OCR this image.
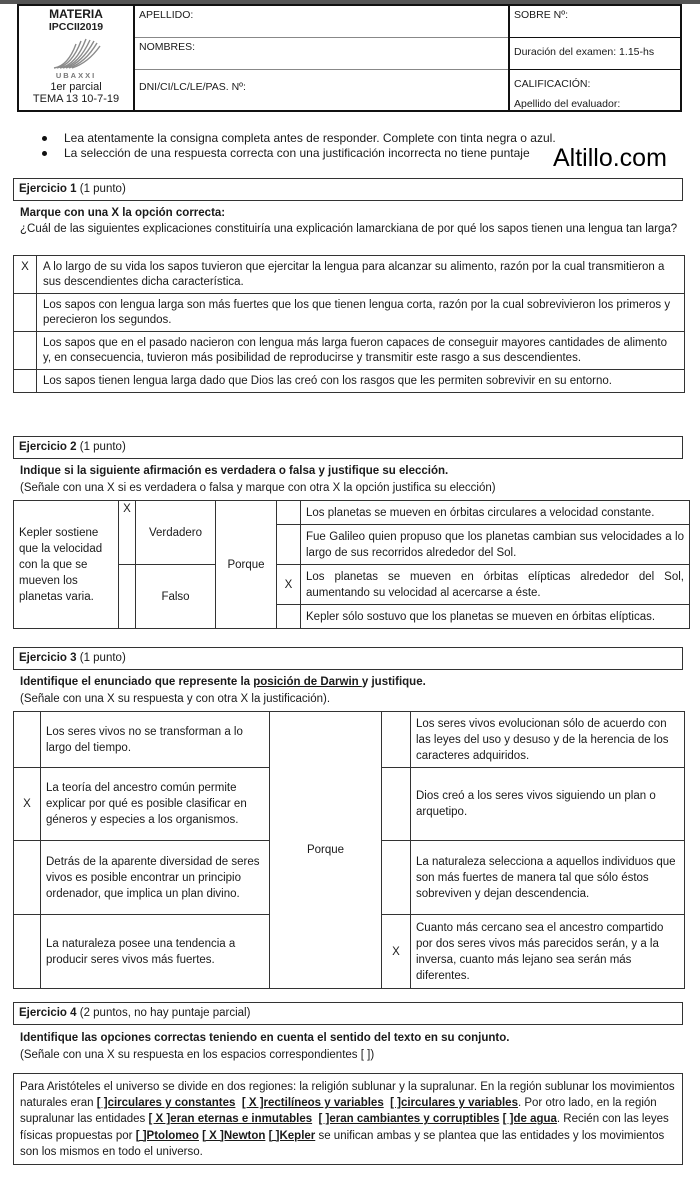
MATERIA
IPCCII2019
UBAXXI
1er parcial
TEMA 13 10-7-19
APELLIDO:
NOMBRES:
DNI/CI/LC/LE/PAS. Nº:
SOBRE Nº:
Duración del examen: 1.15-hs
CALIFICACIÓN:
Apellido del evaluador:
Lea atentamente la consigna completa antes de responder. Complete con tinta negra o azul.
La selección de una respuesta correcta con una justificación incorrecta no tiene puntaje Altillo.com
Ejercicio 1 (1 punto)
Marque con una X la opción correcta:
¿Cuál de las siguientes explicaciones constituiría una explicación lamarckiana de por qué los sapos tienen una lengua tan larga?
X	A lo largo de su vida los sapos tuvieron que ejercitar la lengua para alcanzar su alimento, razón por la cual transmitieron a sus descendientes dicha característica.
	Los sapos con lengua larga son más fuertes que los que tienen lengua corta, razón por la cual sobrevivieron los primeros y perecieron los segundos.
	Los sapos que en el pasado nacieron con lengua más larga fueron capaces de conseguir mayores cantidades de alimento y, en consecuencia, tuvieron más posibilidad de reproducirse y transmitir este rasgo a sus descendientes.
	Los sapos tienen lengua larga dado que Dios las creó con los rasgos que les permiten sobrevivir en su entorno.
Ejercicio 2 (1 punto)
Indique si la siguiente afirmación es verdadera o falsa y justifique su elección.
(Señale con una X si es verdadera o falsa y marque con otra X la opción justifica su elección)
Kepler sostiene que la velocidad con la que se mueven los planetas varia.	X	Verdadero	Porque		Los planetas se mueven en órbitas circulares a velocidad constante.
					Fue Galileo quien propuso que los planetas cambian sus velocidades a lo largo de sus recorridos alrededor del Sol.
		Falso		X	Los planetas se mueven en órbitas elípticas alrededor del Sol, aumentando su velocidad al acercarse a éste.
					Kepler sólo sostuvo que los planetas se mueven en órbitas elípticas.
Ejercicio 3 (1 punto)
Identifique el enunciado que represente la posición de Darwin y justifique.
(Señale con una X su respuesta y con otra X la justificación).
	Los seres vivos no se transforman a lo largo del tiempo.	Porque		Los seres vivos evolucionan sólo de acuerdo con las leyes del uso y desuso y de la herencia de los caracteres adquiridos.
X	La teoría del ancestro común permite explicar por qué es posible clasificar en géneros y especies a los organismos.			Dios creó a los seres vivos siguiendo un plan o arquetipo.
	Detrás de la aparente diversidad de seres vivos es posible encontrar un principio ordenador, que implica un plan divino.			La naturaleza selecciona a aquellos individuos que son más fuertes de manera tal que sólo éstos sobreviven y dejan descendencia.
	La naturaleza posee una tendencia a producir seres vivos más fuertes.		X	Cuanto más cercano sea el ancestro compartido por dos seres vivos más parecidos serán, y a la inversa, cuanto más lejano sea serán más diferentes.
Ejercicio 4 (2 puntos, no hay puntaje parcial)
Identifique las opciones correctas teniendo en cuenta el sentido del texto en su conjunto.
(Señale con una X su respuesta en los espacios correspondientes [ ])
Para Aristóteles el universo se divide en dos regiones: la religión sublunar y la supralunar. En la región sublunar los movimientos naturales eran [ ]circulares y constantes [ X ]rectilíneos y variables [ ]circulares y variables. Por otro lado, en la región supralunar las entidades [ X ]eran eternas e inmutables [ ]eran cambiantes y corruptibles [ ]de agua. Recién con las leyes físicas propuestas por [ ]Ptolomeo [ X ]Newton [ ]Kepler se unifican ambas y se plantea que las entidades y los movimientos son los mismos en todo el universo.
